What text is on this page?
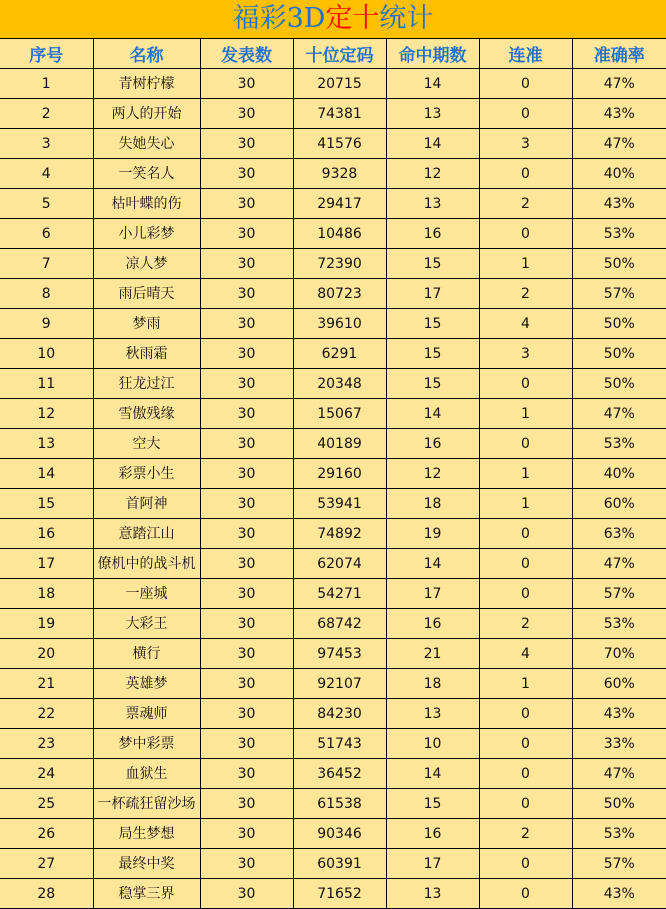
福彩3D定十统计
序号	名称	发表数	十位定码	命中期数	连准	准确率
1	青树柠檬	30	20715	14	0	47%
2	两人的开始	30	74381	13	0	43%
3	失她失心	30	41576	14	3	47%
4	一笑名人	30	9328	12	0	40%
5	枯叶蝶的伤	30	29417	13	2	43%
6	小儿彩梦	30	10486	16	0	53%
7	凉人梦	30	72390	15	1	50%
8	雨后晴天	30	80723	17	2	57%
9	梦雨	30	39610	15	4	50%
10	秋雨霜	30	6291	15	3	50%
11	狂龙过江	30	20348	15	0	50%
12	雪傲残缘	30	15067	14	1	47%
13	空大	30	40189	16	0	53%
14	彩票小生	30	29160	12	1	40%
15	首阿神	30	53941	18	1	60%
16	意踏江山	30	74892	19	0	63%
17	僚机中的战斗机	30	62074	14	0	47%
18	一座城	30	54271	17	0	57%
19	大彩王	30	68742	16	2	53%
20	横行	30	97453	21	4	70%
21	英雄梦	30	92107	18	1	60%
22	票魂师	30	84230	13	0	43%
23	梦中彩票	30	51743	10	0	33%
24	血狱生	30	36452	14	0	47%
25	一杯疏狂留沙场	30	61538	15	0	50%
26	局生梦想	30	90346	16	2	53%
27	最终中奖	30	60391	17	0	57%
28	稳掌三界	30	71652	13	0	43%
